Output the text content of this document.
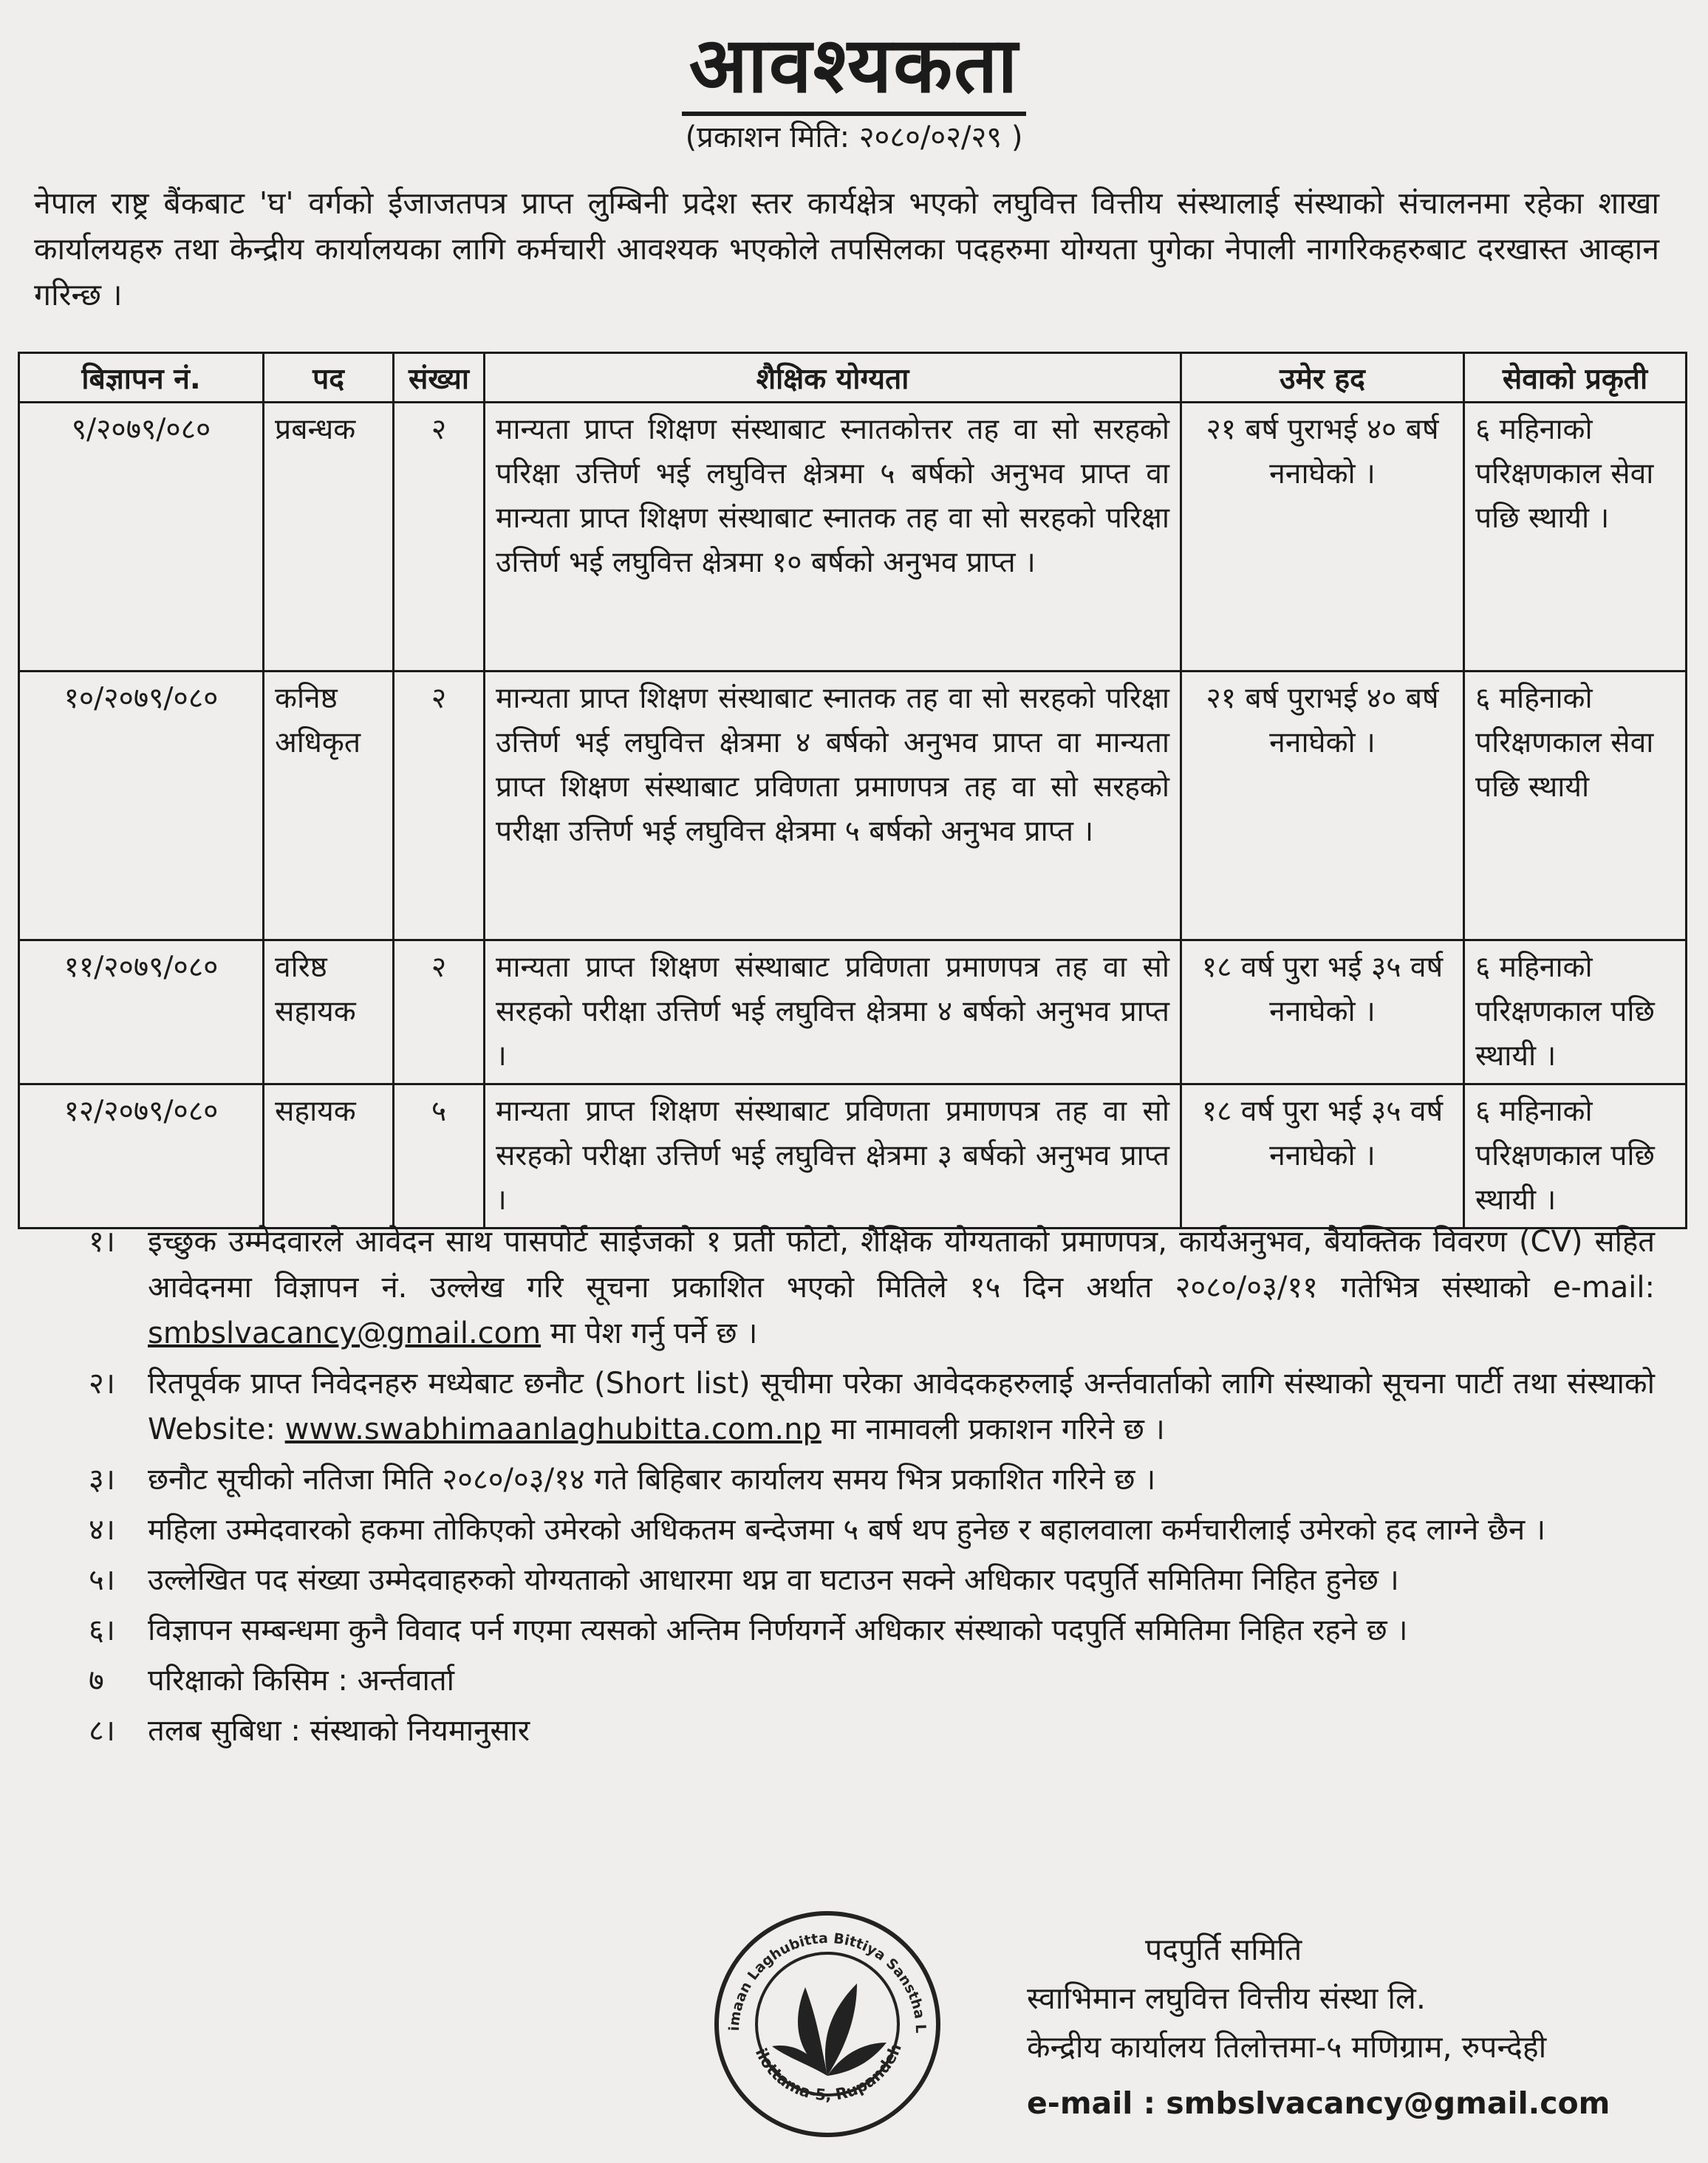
आवश्यकता
(प्रकाशन मिति: २०८०/०२/२९ )
नेपाल राष्ट्र बैंकबाट 'घ' वर्गको ईजाजतपत्र प्राप्त लुम्बिनी प्रदेश स्तर कार्यक्षेत्र भएको लघुवित्त वित्तीय संस्थालाई संस्थाको संचालनमा रहेका शाखा कार्यालयहरु तथा केन्द्रीय कार्यालयका लागि कर्मचारी आवश्यक भएकोले तपसिलका पदहरुमा योग्यता पुगेका नेपाली नागरिकहरुबाट दरखास्त आव्हान गरिन्छ ।
बिज्ञापन नं.	पद	संख्या	शैक्षिक योग्यता	उमेर हद	सेवाको प्रकृती
९/२०७९/०८०	प्रबन्धक	२	मान्यता प्राप्त शिक्षण संस्थाबाट स्नातकोत्तर तह वा सो सरहको परिक्षा उत्तिर्ण भई लघुवित्त क्षेत्रमा ५ बर्षको अनुभव प्राप्त वा मान्यता प्राप्त शिक्षण संस्थाबाट स्नातक तह वा सो सरहको परिक्षा उत्तिर्ण भई लघुवित्त क्षेत्रमा १० बर्षको अनुभव प्राप्त ।	२१ बर्ष पुराभई ४० बर्ष ननाघेको ।	६ महिनाको परिक्षणकाल सेवा पछि स्थायी ।
१०/२०७९/०८०	कनिष्ठ अधिकृत	२	मान्यता प्राप्त शिक्षण संस्थाबाट स्नातक तह वा सो सरहको परिक्षा उत्तिर्ण भई लघुवित्त क्षेत्रमा ४ बर्षको अनुभव प्राप्त वा मान्यता प्राप्त शिक्षण संस्थाबाट प्रविणता प्रमाणपत्र तह वा सो सरहको परीक्षा उत्तिर्ण भई लघुवित्त क्षेत्रमा ५ बर्षको अनुभव प्राप्त ।	२१ बर्ष पुराभई ४० बर्ष ननाघेको ।	६ महिनाको परिक्षणकाल सेवा पछि स्थायी
११/२०७९/०८०	वरिष्ठ सहायक	२	मान्यता प्राप्त शिक्षण संस्थाबाट प्रविणता प्रमाणपत्र तह वा सो सरहको परीक्षा उत्तिर्ण भई लघुवित्त क्षेत्रमा ४ बर्षको अनुभव प्राप्त ।	१८ वर्ष पुरा भई ३५ वर्ष ननाघेको ।	६ महिनाको परिक्षणकाल पछि स्थायी ।
१२/२०७९/०८०	सहायक	५	मान्यता प्राप्त शिक्षण संस्थाबाट प्रविणता प्रमाणपत्र तह वा सो सरहको परीक्षा उत्तिर्ण भई लघुवित्त क्षेत्रमा ३ बर्षको अनुभव प्राप्त ।	१८ वर्ष पुरा भई ३५ वर्ष ननाघेको ।	६ महिनाको परिक्षणकाल पछि स्थायी ।
१।	इच्छुक उम्मेदवारले आवेदन साथ पासपोर्ट साईजको १ प्रती फोटो, शैक्षिक योग्यताको प्रमाणपत्र, कार्यअनुभव, बैयक्तिक विवरण (CV) सहित आवेदनमा विज्ञापन नं. उल्लेख गरि सूचना प्रकाशित भएको मितिले १५ दिन अर्थात २०८०/०३/११ गतेभित्र संस्थाको e-mail: smbslvacancy@gmail.com मा पेश गर्नु पर्ने छ ।
२।	रितपूर्वक प्राप्त निवेदनहरु मध्येबाट छनौट (Short list) सूचीमा परेका आवेदकहरुलाई अर्न्तवार्ताको लागि संस्थाको सूचना पार्टी तथा संस्थाको Website: www.swabhimaanlaghubitta.com.np मा नामावली प्रकाशन गरिने छ ।
३।	छनौट सूचीको नतिजा मिति २०८०/०३/१४ गते बिहिबार कार्यालय समय भित्र प्रकाशित गरिने छ ।
४।	महिला उम्मेदवारको हकमा तोकिएको उमेरको अधिकतम बन्देजमा ५ बर्ष थप हुनेछ र बहालवाला कर्मचारीलाई उमेरको हद लाग्ने छैन ।
५।	उल्लेखित पद संख्या उम्मेदवाहरुको योग्यताको आधारमा थप्न वा घटाउन सक्ने अधिकार पदपुर्ति समितिमा निहित हुनेछ ।
६।	विज्ञापन सम्बन्धमा कुनै विवाद पर्न गएमा त्यसको अन्तिम निर्णयगर्ने अधिकार संस्थाको पदपुर्ति समितिमा निहित रहने छ ।
७	परिक्षाको किसिम : अर्न्तवार्ता
८।	तलब सुबिधा : संस्थाको नियमानुसार
imaan Laghubitta Bittiya Sanstha L
ilottama-5, Rupandeh
पदपुर्ति समिति
स्वाभिमान लघुवित्त वित्तीय संस्था लि.
केन्द्रीय कार्यालय तिलोत्तमा-५ मणिग्राम, रुपन्देही
e-mail : smbslvacancy@gmail.com
